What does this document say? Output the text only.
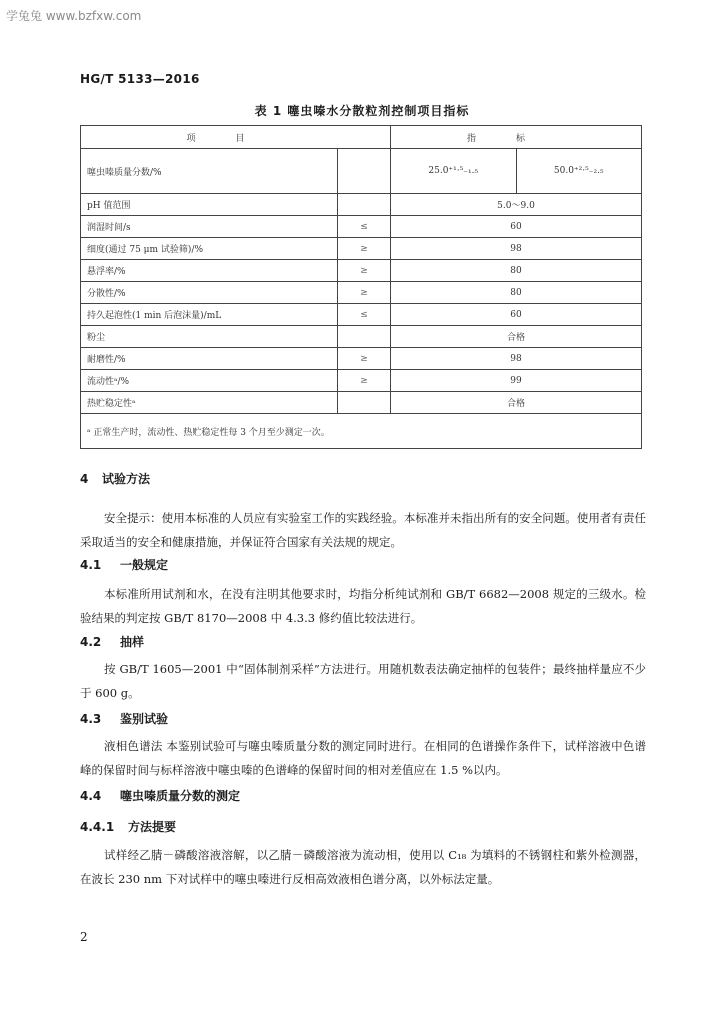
学兔兔 www.bzfxw.com
HG/T 5133—2016
表 1 噻虫嗪水分散粒剂控制项目指标
项目		指标	
噻虫嗪质量分数/%		25.0⁺¹·⁵₋₁.₅	50.0⁺²·⁵₋₂.₅
pH 值范围		5.0～9.0	
润湿时间/s	≤	60	
细度(通过 75 μm 试验筛)/%	≥	98	
悬浮率/%	≥	80	
分散性/%	≥	80	
持久起泡性(1 min 后泡沫量)/mL	≤	60	
粉尘		合格	
耐磨性/%	≥	98	
流动性ᵃ/%	≥	99	
热贮稳定性ᵃ		合格	
ᵃ 正常生产时，流动性、热贮稳定性每 3 个月至少测定一次。			
4 试验方法
安全提示：使用本标准的人员应有实验室工作的实践经验。本标准并未指出所有的安全问题。使用者有责任采取适当的安全和健康措施，并保证符合国家有关法规的规定。
4.1 一般规定
本标准所用试剂和水，在没有注明其他要求时，均指分析纯试剂和 GB/T 6682—2008 规定的三级水。检验结果的判定按 GB/T 8170—2008 中 4.3.3 修约值比较法进行。
4.2 抽样
按 GB/T 1605—2001 中“固体制剂采样”方法进行。用随机数表法确定抽样的包装件；最终抽样量应不少于 600 g。
4.3 鉴别试验
液相色谱法 本鉴别试验可与噻虫嗪质量分数的测定同时进行。在相同的色谱操作条件下，试样溶液中色谱峰的保留时间与标样溶液中噻虫嗪的色谱峰的保留时间的相对差值应在 1.5 %以内。
4.4 噻虫嗪质量分数的测定
4.4.1 方法提要
试样经乙腈－磷酸溶液溶解，以乙腈－磷酸溶液为流动相，使用以 C₁₈ 为填料的不锈钢柱和紫外检测器，在波长 230 nm 下对试样中的噻虫嗪进行反相高效液相色谱分离，以外标法定量。
2
